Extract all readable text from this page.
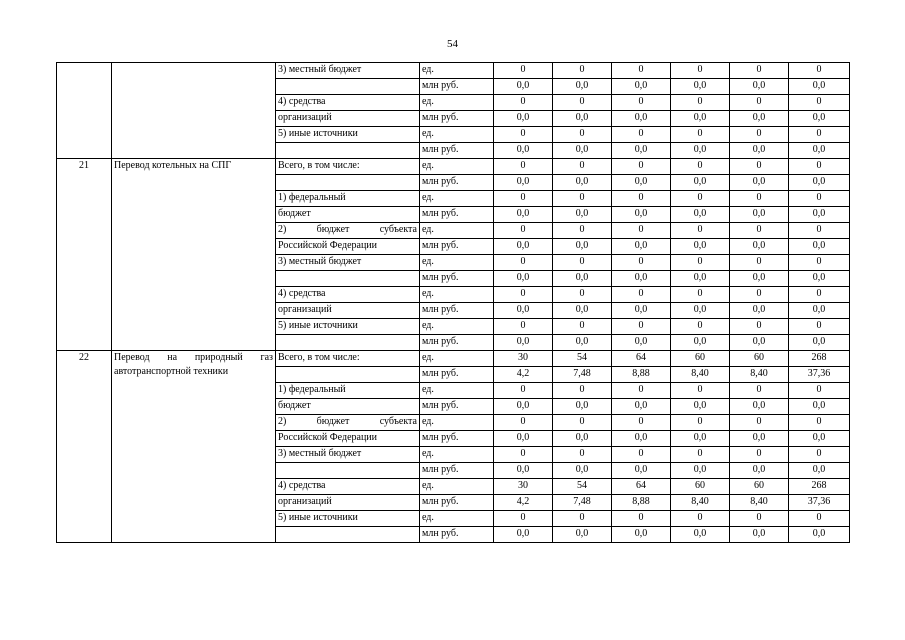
54
		3) местный бюджет	ед.	0	0	0	0	0	0
			млн руб.	0,0	0,0	0,0	0,0	0,0	0,0
		4) средства	ед.	0	0	0	0	0	0
		организаций	млн руб.	0,0	0,0	0,0	0,0	0,0	0,0
		5) иные источники	ед.	0	0	0	0	0	0
			млн руб.	0,0	0,0	0,0	0,0	0,0	0,0
21	Перевод котельных на СПГ	Всего, в том числе:	ед.	0	0	0	0	0	0
			млн руб.	0,0	0,0	0,0	0,0	0,0	0,0
		1) федеральный	ед.	0	0	0	0	0	0
		бюджет	млн руб.	0,0	0,0	0,0	0,0	0,0	0,0
		2) бюджет субъекта	ед.	0	0	0	0	0	0
		Российской Федерации	млн руб.	0,0	0,0	0,0	0,0	0,0	0,0
		3) местный бюджет	ед.	0	0	0	0	0	0
			млн руб.	0,0	0,0	0,0	0,0	0,0	0,0
		4) средства	ед.	0	0	0	0	0	0
		организаций	млн руб.	0,0	0,0	0,0	0,0	0,0	0,0
		5) иные источники	ед.	0	0	0	0	0	0
			млн руб.	0,0	0,0	0,0	0,0	0,0	0,0
22	Перевод на природный газ автотранспортной техники	Всего, в том числе:	ед.	30	54	64	60	60	268
			млн руб.	4,2	7,48	8,88	8,40	8,40	37,36
		1) федеральный	ед.	0	0	0	0	0	0
		бюджет	млн руб.	0,0	0,0	0,0	0,0	0,0	0,0
		2) бюджет субъекта	ед.	0	0	0	0	0	0
		Российской Федерации	млн руб.	0,0	0,0	0,0	0,0	0,0	0,0
		3) местный бюджет	ед.	0	0	0	0	0	0
			млн руб.	0,0	0,0	0,0	0,0	0,0	0,0
		4) средства	ед.	30	54	64	60	60	268
		организаций	млн руб.	4,2	7,48	8,88	8,40	8,40	37,36
		5) иные источники	ед.	0	0	0	0	0	0
			млн руб.	0,0	0,0	0,0	0,0	0,0	0,0
